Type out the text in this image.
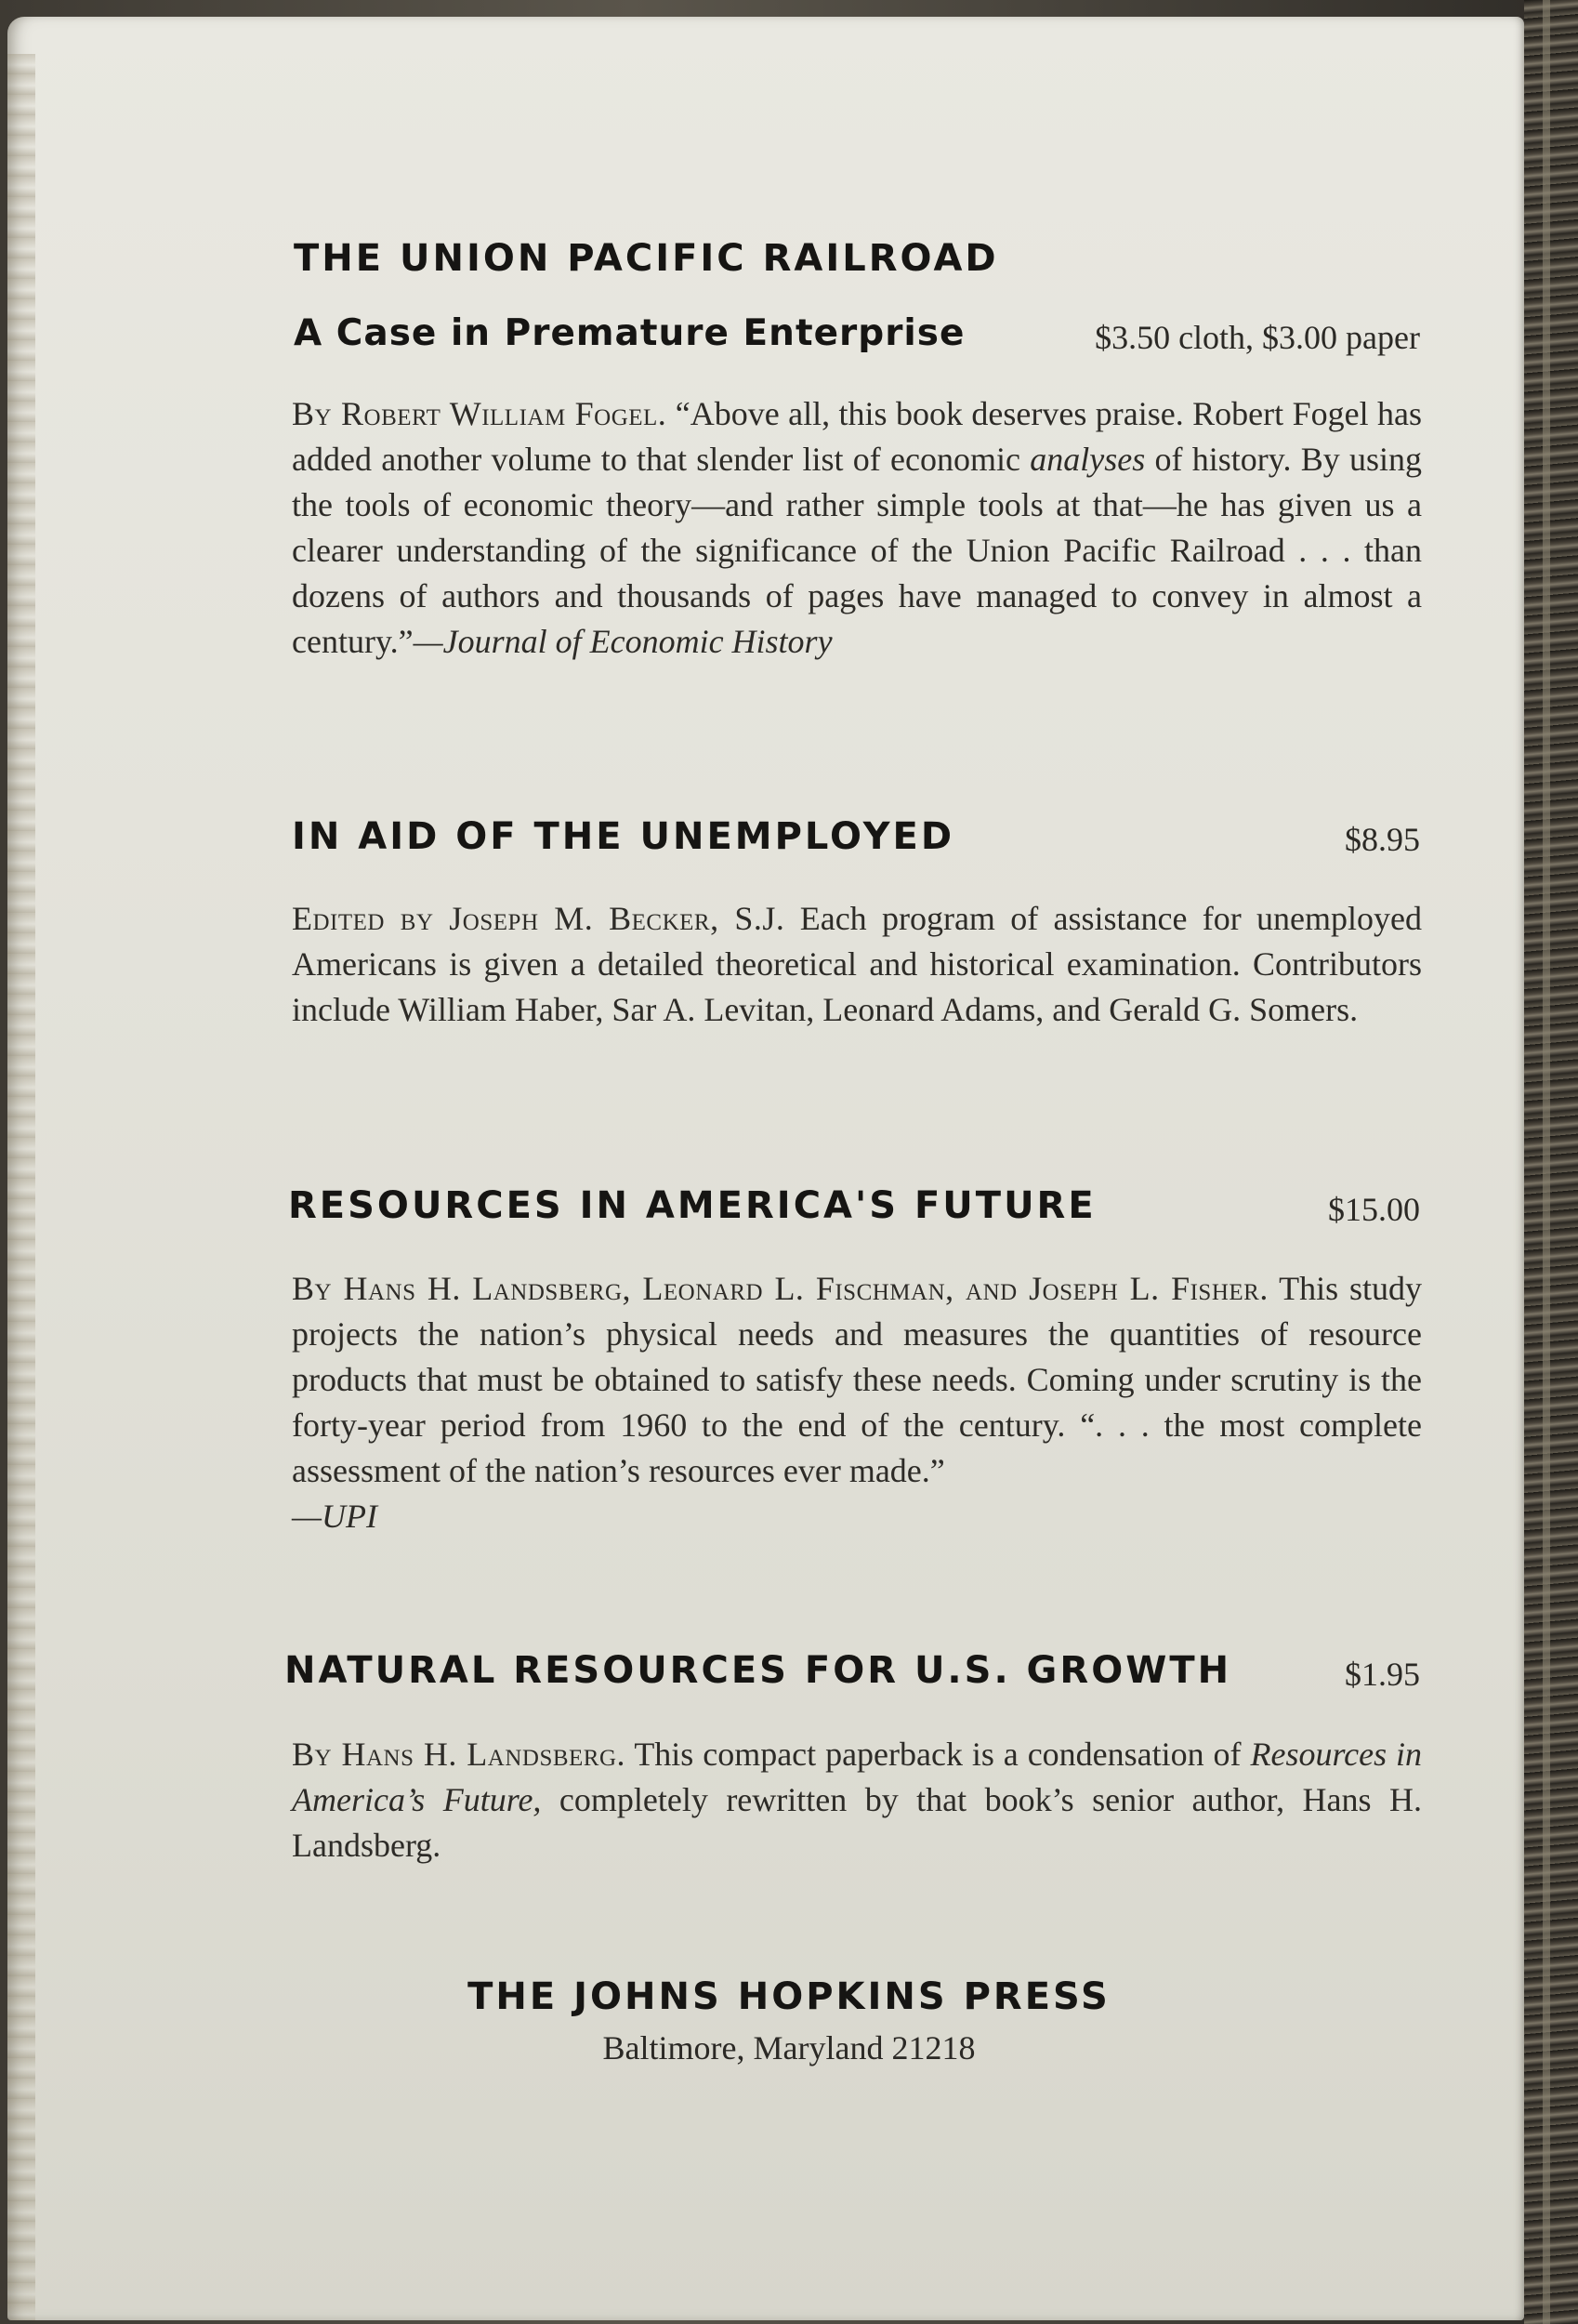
THE UNION PACIFIC RAILROAD
A Case in Premature Enterprise	$3.50 cloth, $3.00 paper
By Robert William Fogel. “Above all, this book deserves praise. Robert Fogel has added another volume to that slender list of economic analyses of history. By using the tools of economic theory—and rather simple tools at that—he has given us a clearer understanding of the significance of the Union Pacific Railroad . . . than dozens of authors and thousands of pages have managed to convey in almost a century.”—Journal of Economic History
IN AID OF THE UNEMPLOYED	$8.95
Edited by Joseph M. Becker, S.J. Each program of assistance for unemployed Americans is given a detailed theoretical and historical examination. Contributors include William Haber, Sar A. Levitan, Leonard Adams, and Gerald G. Somers.
RESOURCES IN AMERICA'S FUTURE	$15.00
By Hans H. Landsberg, Leonard L. Fischman, and Joseph L. Fisher. This study projects the nation’s physical needs and measures the quantities of resource products that must be obtained to satisfy these needs. Coming under scrutiny is the forty-year period from 1960 to the end of the century. “. . . the most complete assessment of the nation’s resources ever made.”
—UPI
NATURAL RESOURCES FOR U.S. GROWTH	$1.95
By Hans H. Landsberg. This compact paperback is a condensation of Resources in America’s Future, completely rewritten by that book’s senior author, Hans H. Landsberg.
THE JOHNS HOPKINS PRESS
Baltimore, Maryland 21218
